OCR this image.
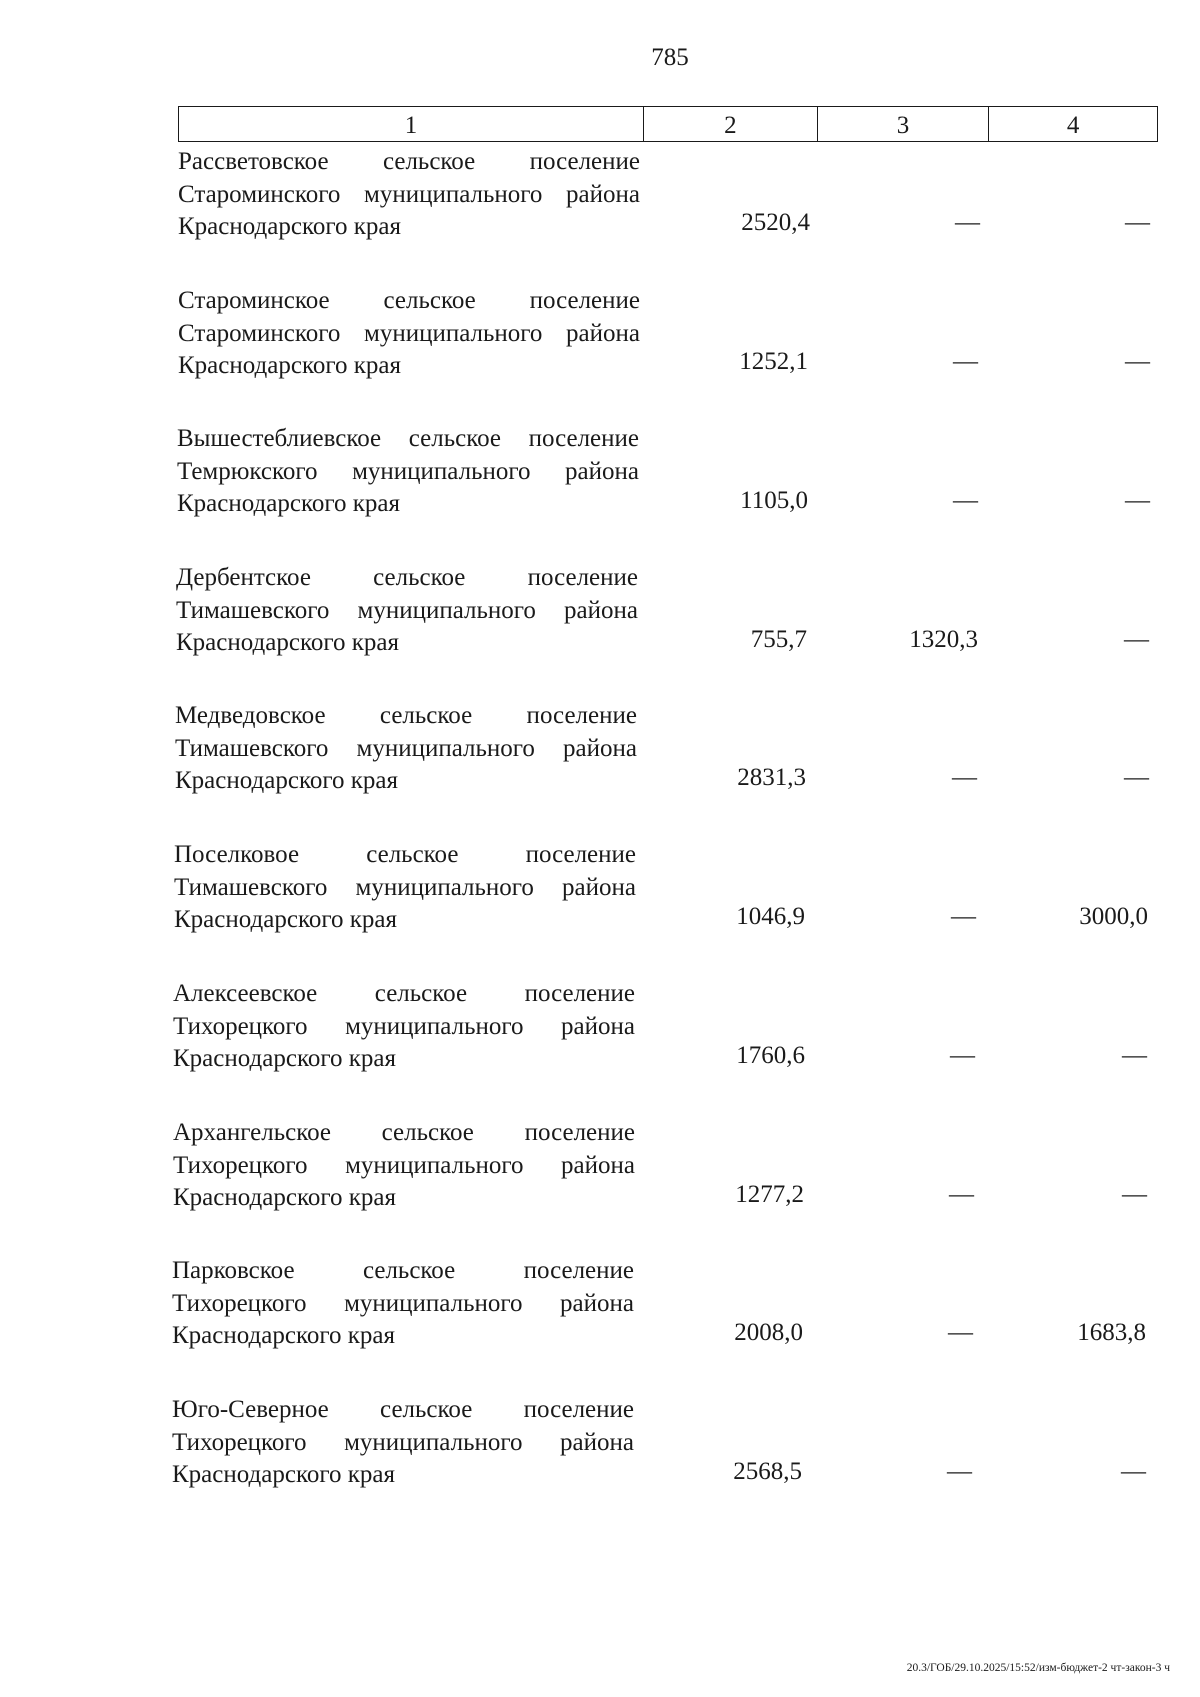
785
1	2	3	4
Рассветовское сельское поселение Староминского муниципального района Краснодарского края	2520,4	—	—
Староминское сельское поселение Староминского муниципального района Краснодарского края	1252,1	—	—
Вышестеблиевское сельское поселение Темрюкского муниципального района Краснодарского края	1105,0	—	—
Дербентское сельское поселение Тимашевского муниципального района Краснодарского края	755,7	1320,3	—
Медведовское сельское поселение Тимашевского муниципального района Краснодарского края	2831,3	—	—
Поселковое сельское поселение Тимашевского муниципального района Краснодарского края	1046,9	—	3000,0
Алексеевское сельское поселение Тихорецкого муниципального района Краснодарского края	1760,6	—	—
Архангельское сельское поселение Тихорецкого муниципального района Краснодарского края	1277,2	—	—
Парковское сельское поселение Тихорецкого муниципального района Краснодарского края	2008,0	—	1683,8
Юго-Северное сельское поселение Тихорецкого муниципального района Краснодарского края	2568,5	—	—
20.3/ГОБ/29.10.2025/15:52/изм-бюджет-2 чт-закон-3 ч
